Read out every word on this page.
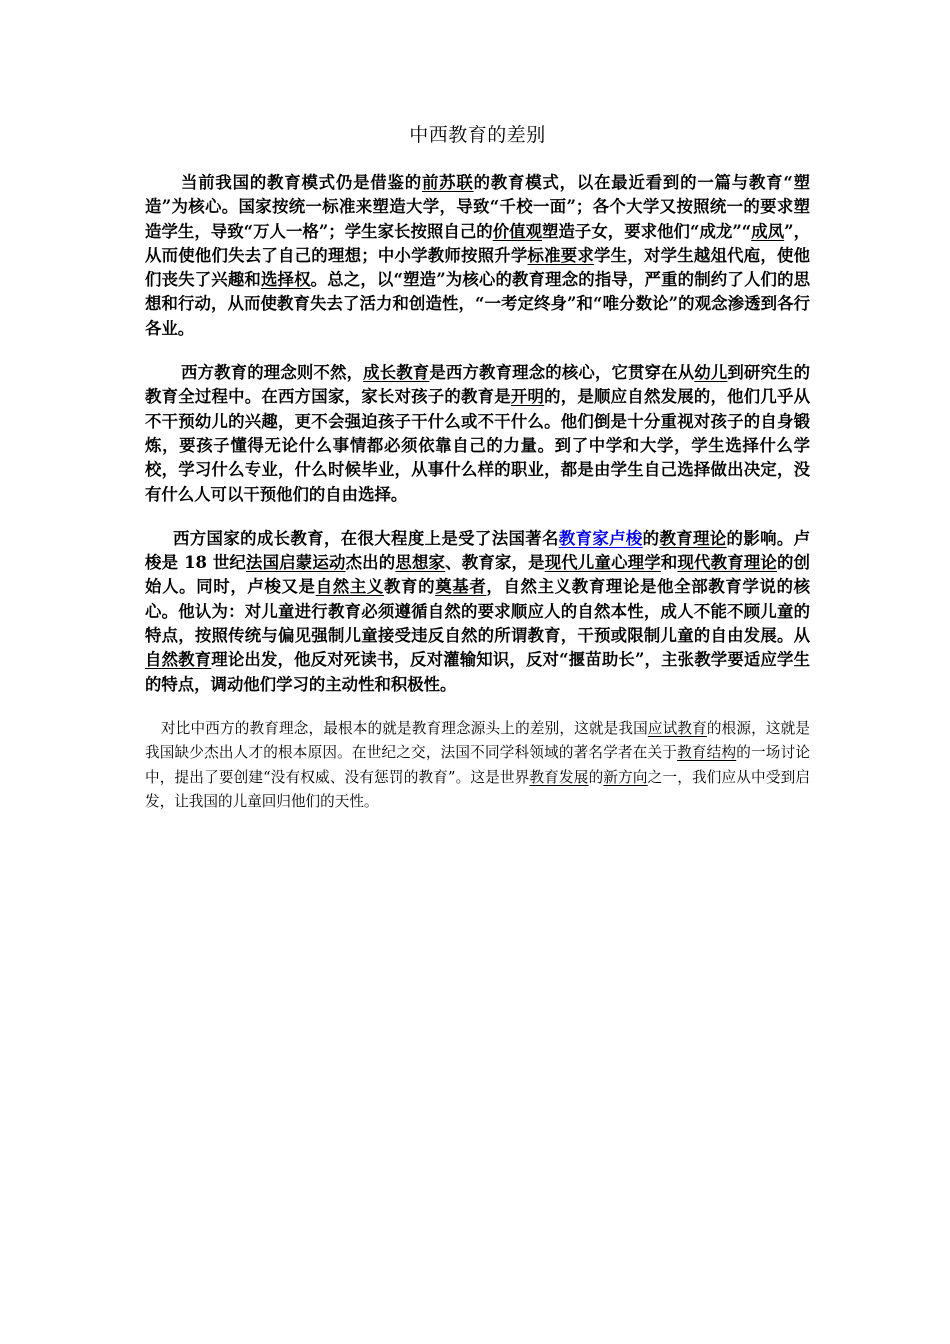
中西教育的差别

当前我国的教育模式仍是借鉴的前苏联的教育模式，以在最近看到的一篇与教育“塑造”为核心。国家按统一标准来塑造大学，导致“千校一面”；各个大学又按照统一的要求塑造学生，导致“万人一格”；学生家长按照自己的价值观塑造子女，要求他们“成龙”“成凤”，从而使他们失去了自己的理想；中小学教师按照升学标准要求学生，对学生越俎代庖，使他们丧失了兴趣和选择权。总之，以“塑造”为核心的教育理念的指导，严重的制约了人们的思想和行动，从而使教育失去了活力和创造性，“一考定终身”和“唯分数论”的观念渗透到各行各业。

西方教育的理念则不然，成长教育是西方教育理念的核心，它贯穿在从幼儿到研究生的教育全过程中。在西方国家，家长对孩子的教育是开明的，是顺应自然发展的，他们几乎从不干预幼儿的兴趣，更不会强迫孩子干什么或不干什么。他们倒是十分重视对孩子的自身锻炼，要孩子懂得无论什么事情都必须依靠自己的力量。到了中学和大学，学生选择什么学校，学习什么专业，什么时候毕业，从事什么样的职业，都是由学生自己选择做出决定，没有什么人可以干预他们的自由选择。

西方国家的成长教育，在很大程度上是受了法国著名教育家卢梭的教育理论的影响。卢梭是 18 世纪法国启蒙运动杰出的思想家、教育家，是现代儿童心理学和现代教育理论的创始人。同时，卢梭又是自然主义教育的奠基者，自然主义教育理论是他全部教育学说的核心。他认为：对儿童进行教育必须遵循自然的要求顺应人的自然本性，成人不能不顾儿童的特点，按照传统与偏见强制儿童接受违反自然的所谓教育，干预或限制儿童的自由发展。从自然教育理论出发，他反对死读书，反对灌输知识，反对“揠苗助长”，主张教学要适应学生的特点，调动他们学习的主动性和积极性。

对比中西方的教育理念，最根本的就是教育理念源头上的差别，这就是我国应试教育的根源，这就是我国缺少杰出人才的根本原因。在世纪之交，法国不同学科领域的著名学者在关于教育结构的一场讨论中，提出了要创建“没有权威、没有惩罚的教育”。这是世界教育发展的新方向之一，我们应从中受到启发，让我国的儿童回归他们的天性。
